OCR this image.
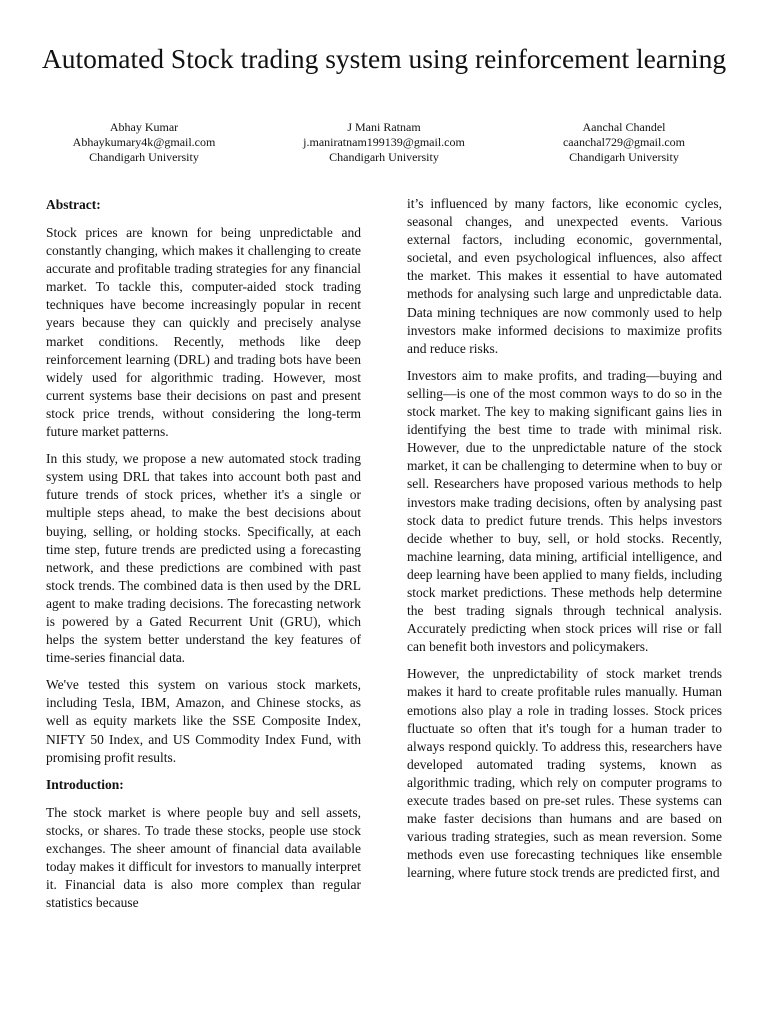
Automated Stock trading system using reinforcement learning
Abhay Kumar
Abhaykumary4k@gmail.com
Chandigarh University
J Mani Ratnam
j.maniratnam199139@gmail.com
Chandigarh University
Aanchal Chandel
caanchal729@gmail.com
Chandigarh University
Abstract:

Stock prices are known for being unpredictable and constantly changing, which makes it challenging to create accurate and profitable trading strategies for any financial market. To tackle this, computer-aided stock trading techniques have become increasingly popular in recent years because they can quickly and precisely analyse market conditions. Recently, methods like deep reinforcement learning (DRL) and trading bots have been widely used for algorithmic trading. However, most current systems base their decisions on past and present stock price trends, without considering the long-term future market patterns.

In this study, we propose a new automated stock trading system using DRL that takes into account both past and future trends of stock prices, whether it's a single or multiple steps ahead, to make the best decisions about buying, selling, or holding stocks. Specifically, at each time step, future trends are predicted using a forecasting network, and these predictions are combined with past stock trends. The combined data is then used by the DRL agent to make trading decisions. The forecasting network is powered by a Gated Recurrent Unit (GRU), which helps the system better understand the key features of time-series financial data.

We've tested this system on various stock markets, including Tesla, IBM, Amazon, and Chinese stocks, as well as equity markets like the SSE Composite Index, NIFTY 50 Index, and US Commodity Index Fund, with promising profit results.

Introduction:

The stock market is where people buy and sell assets, stocks, or shares. To trade these stocks, people use stock exchanges. The sheer amount of financial data available today makes it difficult for investors to manually interpret it. Financial data is also more complex than regular statistics because

it’s influenced by many factors, like economic cycles, seasonal changes, and unexpected events. Various external factors, including economic, governmental, societal, and even psychological influences, also affect the market. This makes it essential to have automated methods for analysing such large and unpredictable data. Data mining techniques are now commonly used to help investors make informed decisions to maximize profits and reduce risks.

Investors aim to make profits, and trading—buying and selling—is one of the most common ways to do so in the stock market. The key to making significant gains lies in identifying the best time to trade with minimal risk. However, due to the unpredictable nature of the stock market, it can be challenging to determine when to buy or sell. Researchers have proposed various methods to help investors make trading decisions, often by analysing past stock data to predict future trends. This helps investors decide whether to buy, sell, or hold stocks. Recently, machine learning, data mining, artificial intelligence, and deep learning have been applied to many fields, including stock market predictions. These methods help determine the best trading signals through technical analysis. Accurately predicting when stock prices will rise or fall can benefit both investors and policymakers.

However, the unpredictability of stock market trends makes it hard to create profitable rules manually. Human emotions also play a role in trading losses. Stock prices fluctuate so often that it's tough for a human trader to always respond quickly. To address this, researchers have developed automated trading systems, known as algorithmic trading, which rely on computer programs to execute trades based on pre-set rules. These systems can make faster decisions than humans and are based on various trading strategies, such as mean reversion. Some methods even use forecasting techniques like ensemble learning, where future stock trends are predicted first, and
